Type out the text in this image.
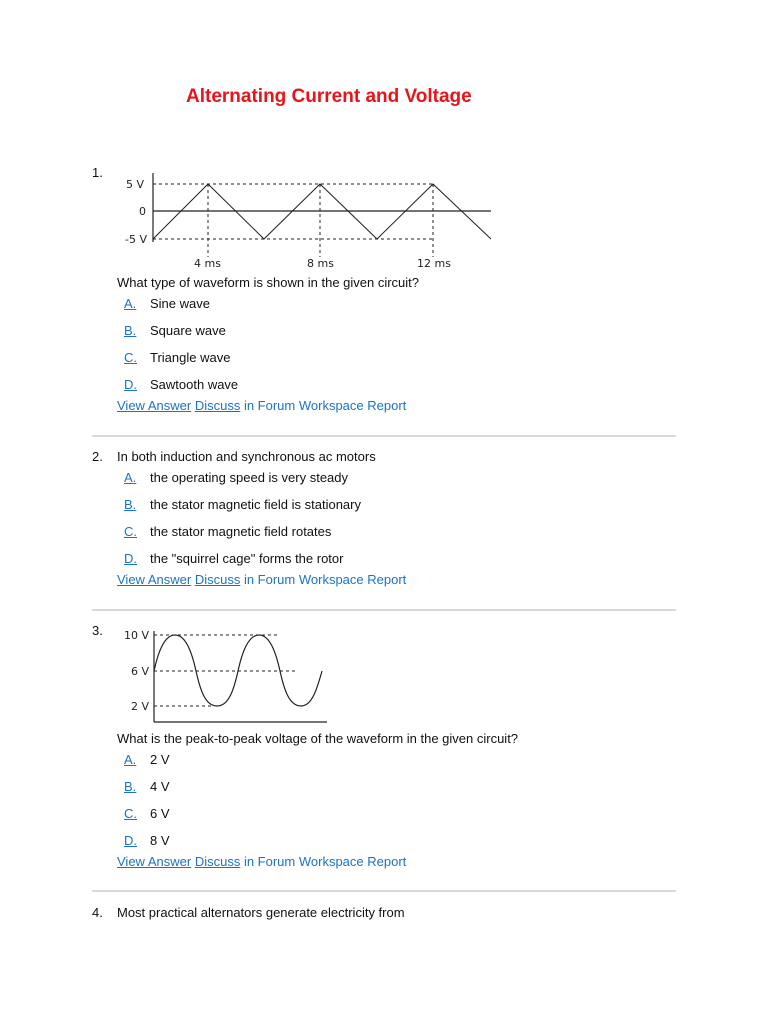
Alternating Current and Voltage
1.
5 V
0
-5 V
4 ms	8 ms	12 ms
What type of waveform is shown in the given circuit?
A. Sine wave
B. Square wave
C. Triangle wave
D. Sawtooth wave
View Answer Discuss in Forum Workspace Report
2. In both induction and synchronous ac motors
A. the operating speed is very steady
B. the stator magnetic field is stationary
C. the stator magnetic field rotates
D. the "squirrel cage" forms the rotor
View Answer Discuss in Forum Workspace Report
3. 10 V
6 V
2 V
What is the peak-to-peak voltage of the waveform in the given circuit?
A. 2 V
B. 4 V
C. 6 V
D. 8 V
View Answer Discuss in Forum Workspace Report
4. Most practical alternators generate electricity from
